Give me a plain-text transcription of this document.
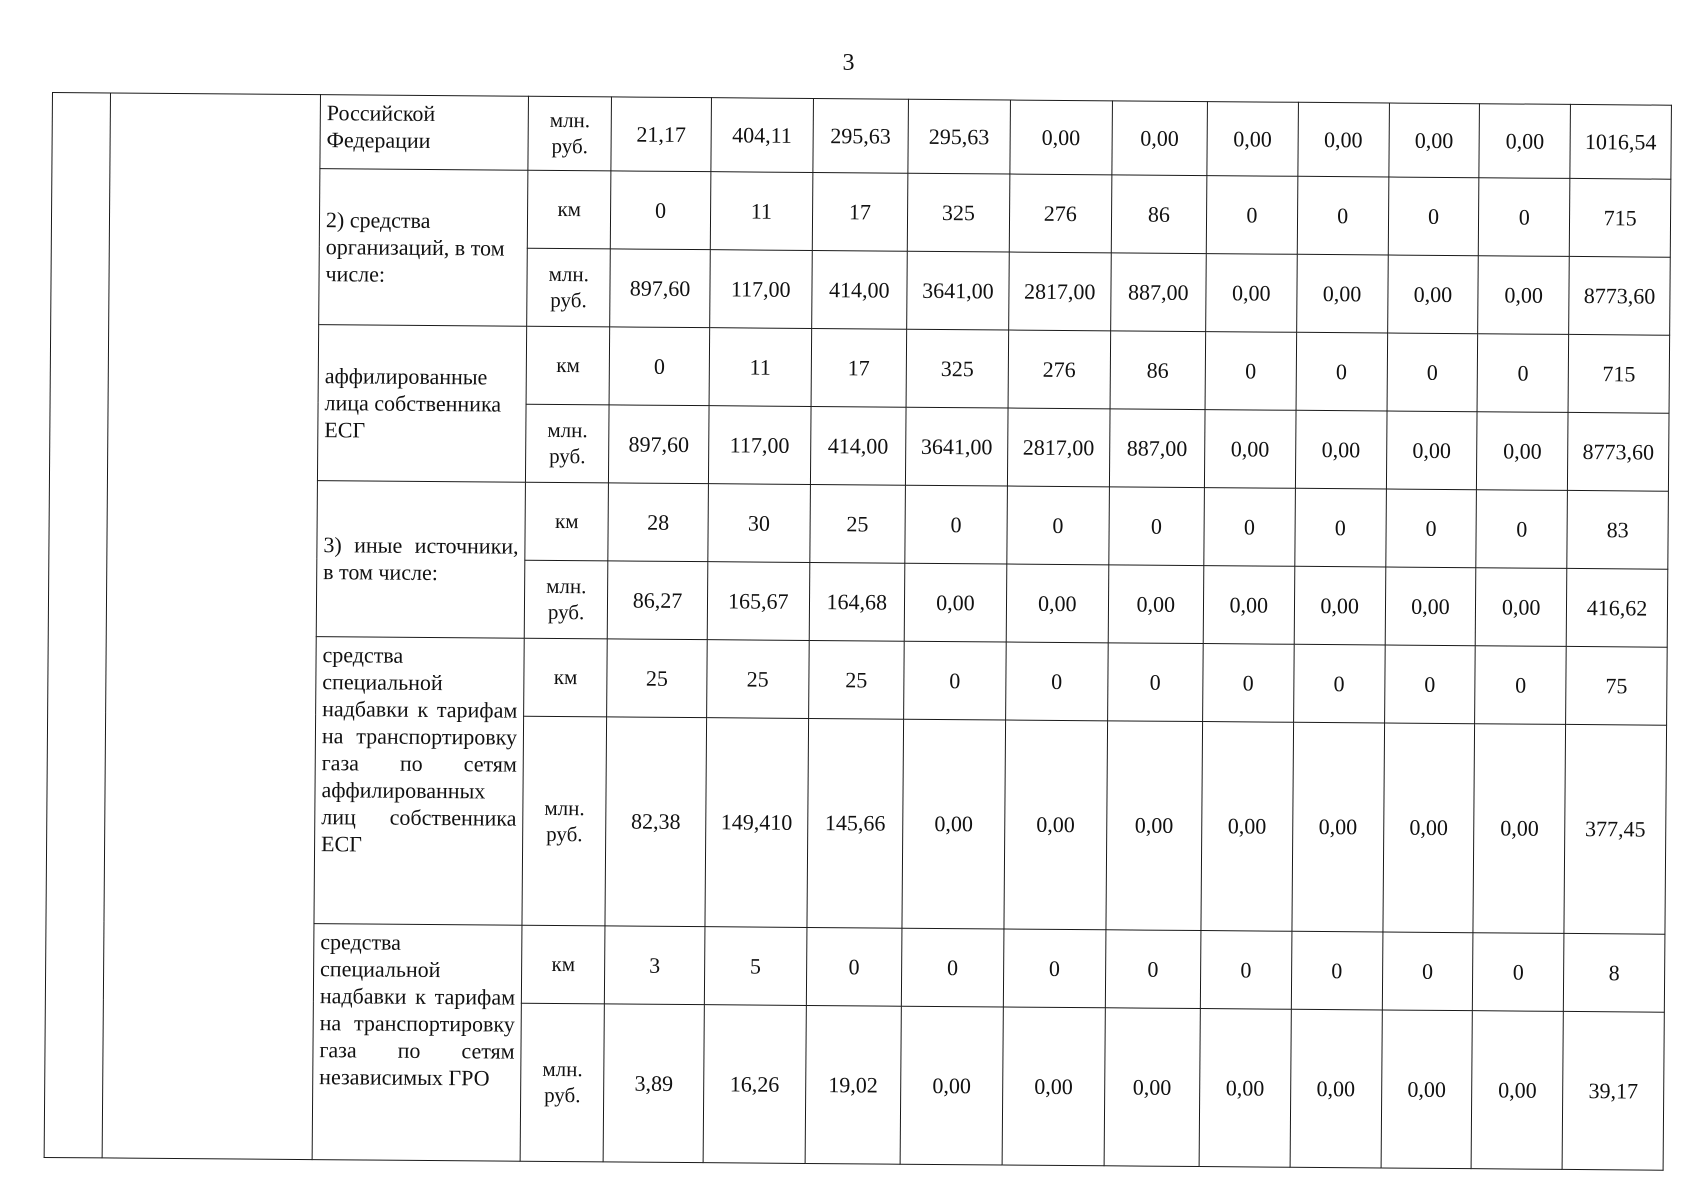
3
		Российской Федерации	млн. руб.	21,17	404,11	295,63	295,63	0,00	0,00	0,00	0,00	0,00	0,00	1016,54
		2) средства организаций, в том числе:	км	0	11	17	325	276	86	0	0	0	0	715
			млн. руб.	897,60	117,00	414,00	3641,00	2817,00	887,00	0,00	0,00	0,00	0,00	8773,60
		аффилированные лица собственника ЕСГ	км	0	11	17	325	276	86	0	0	0	0	715
			млн. руб.	897,60	117,00	414,00	3641,00	2817,00	887,00	0,00	0,00	0,00	0,00	8773,60
		3) иные источники, в том числе:	км	28	30	25	0	0	0	0	0	0	0	83
			млн. руб.	86,27	165,67	164,68	0,00	0,00	0,00	0,00	0,00	0,00	0,00	416,62
		средства специальной надбавки к тарифам на транспортировку газа по сетям аффилированных лиц собственника ЕСГ	км	25	25	25	0	0	0	0	0	0	0	75
			млн. руб.	82,38	149,410	145,66	0,00	0,00	0,00	0,00	0,00	0,00	0,00	377,45
		средства специальной надбавки к тарифам на транспортировку газа по сетям независимых ГРО	км	3	5	0	0	0	0	0	0	0	0	8
			млн. руб.	3,89	16,26	19,02	0,00	0,00	0,00	0,00	0,00	0,00	0,00	39,17
